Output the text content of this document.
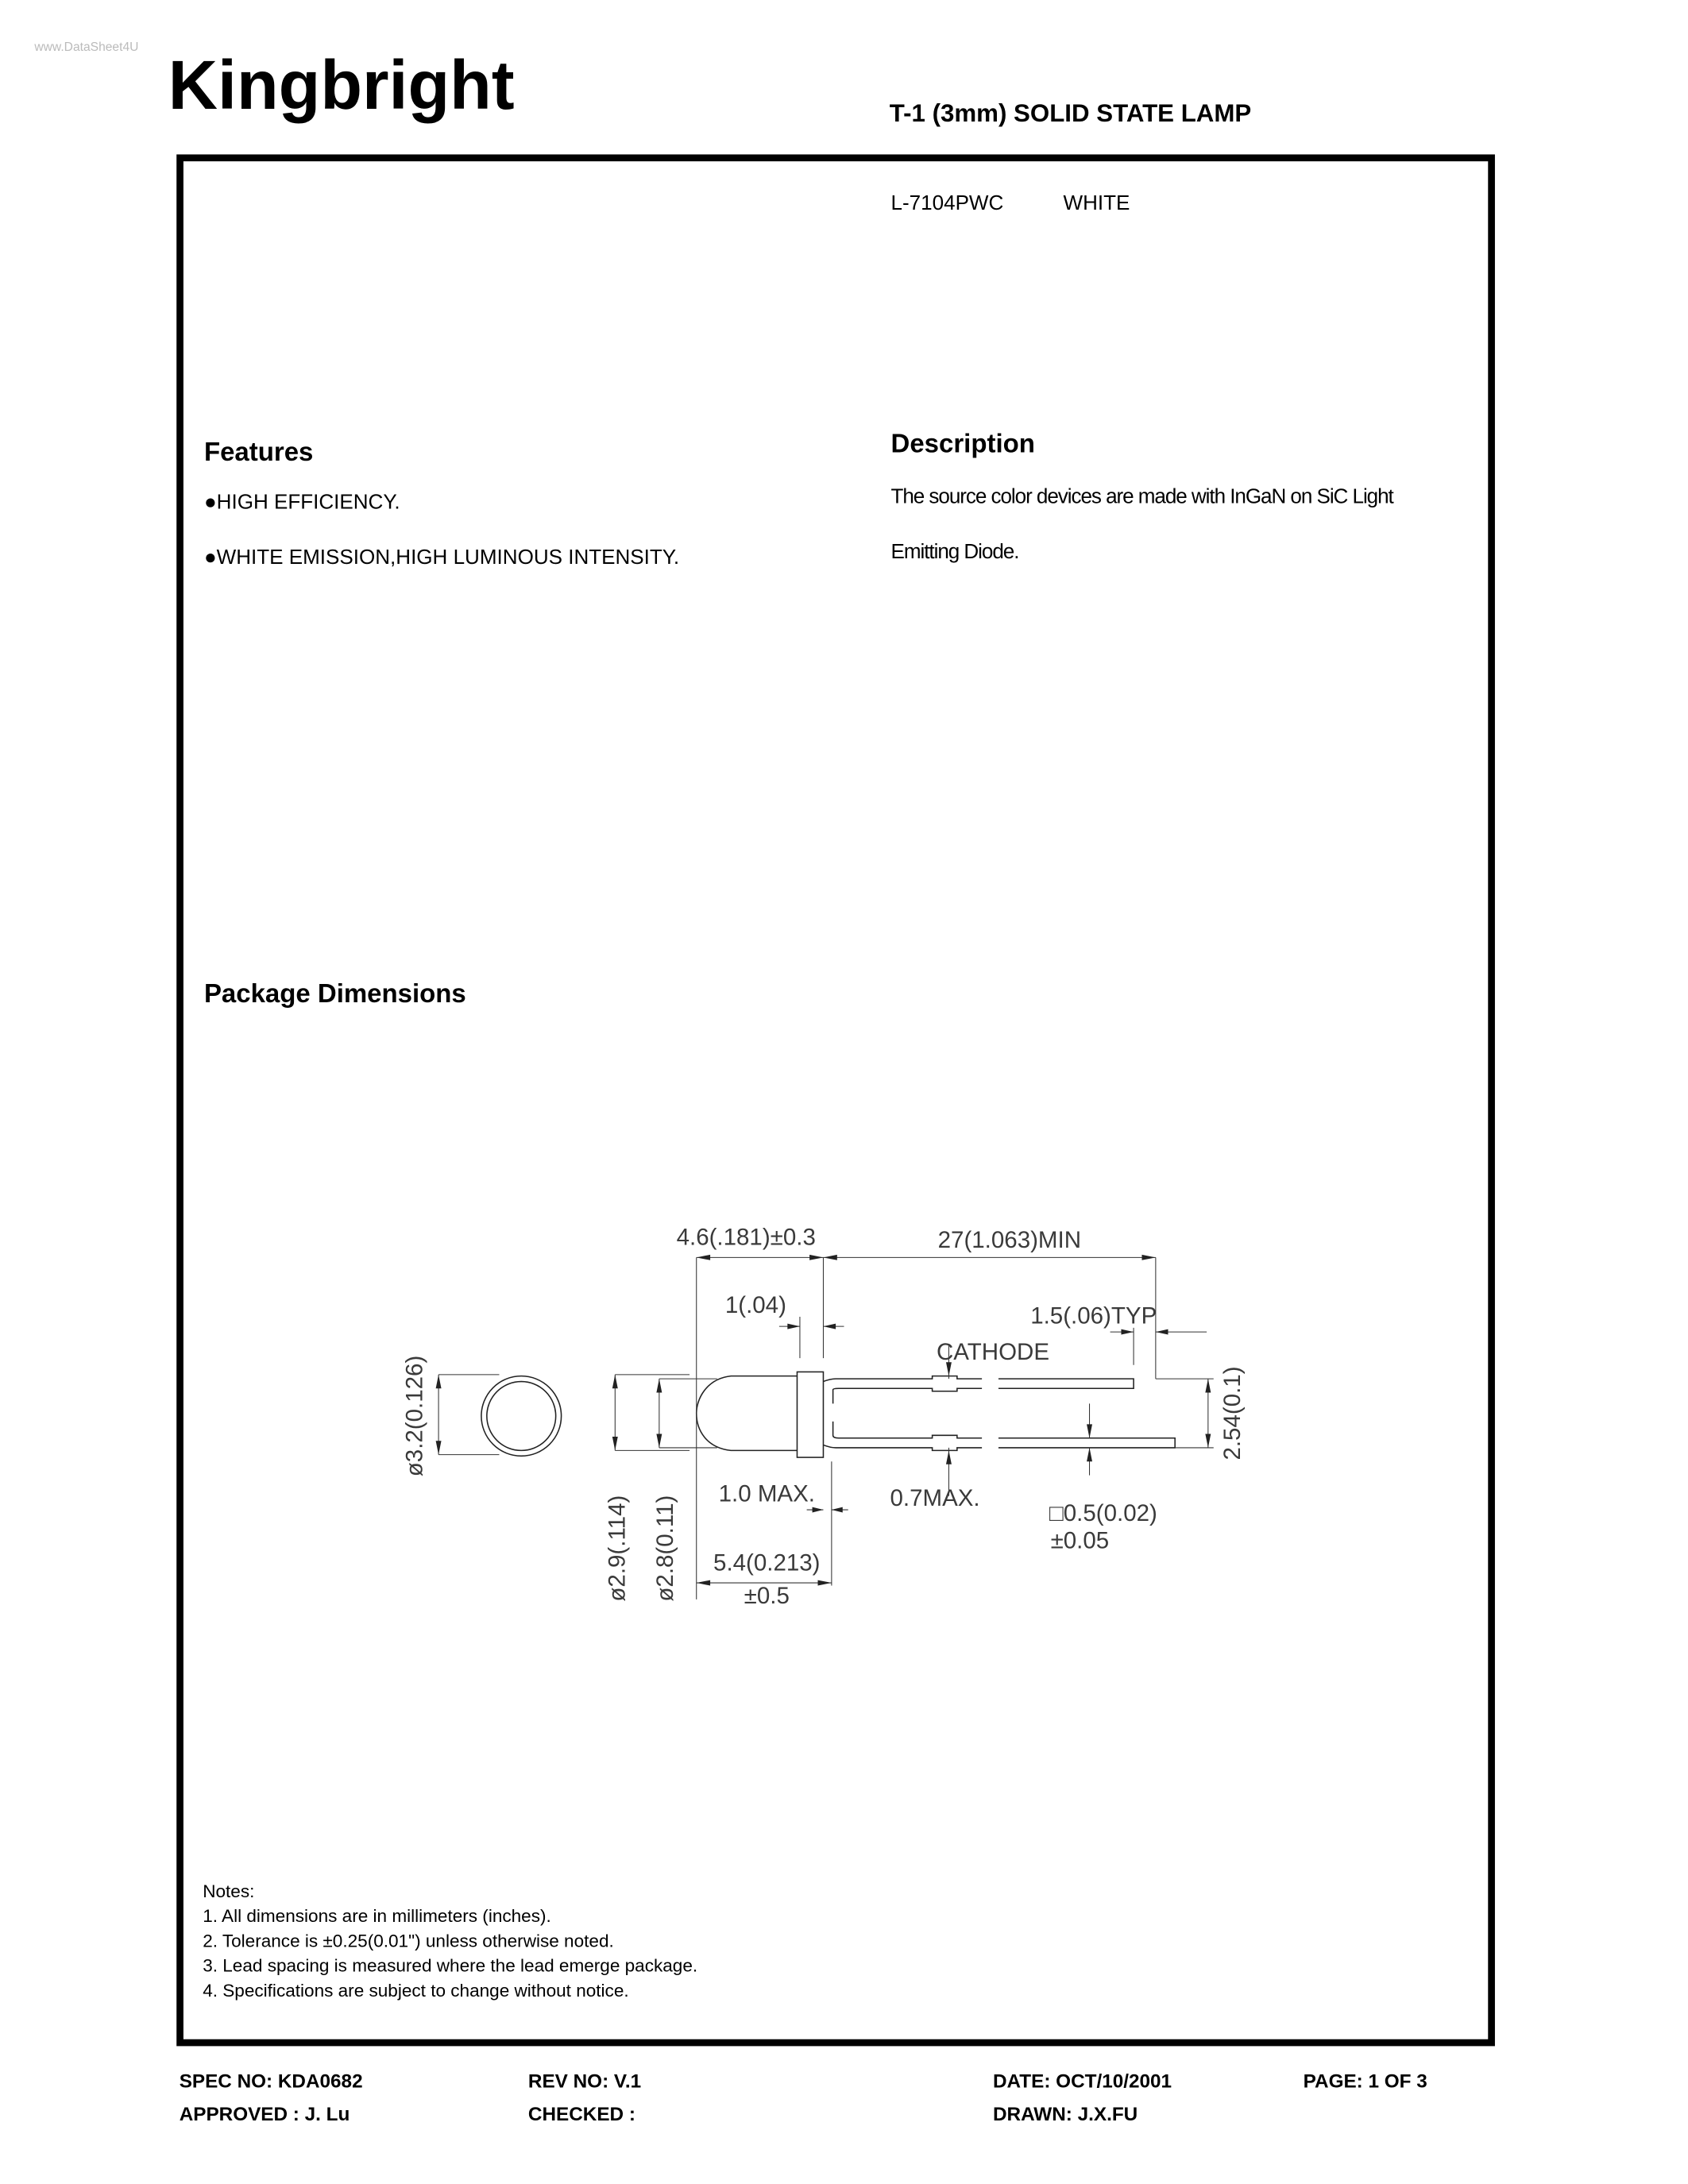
www.DataSheet4U Kingbright	T-1 (3mm) SOLID STATE LAMP
L-7104PWC	WHITE
Features
●HIGH EFFICIENCY.
●WHITE EMISSION,HIGH LUMINOUS INTENSITY.
Description
The source color devices are made with InGaN on SiC Light
Emitting Diode.
Package Dimensions
4.6(.181)±0.3	27(1.063)MIN
1(.04)	1.5(.06)TYP
CATHODE
ø3.2(0.126)	2.54(0.1)
1.0 MAX.	0.7MAX.
□0.5(0.02)
±0.05
5.4(0.213)
±0.5
ø2.9(.114) ø2.8(0.11)
Notes:
1. All dimensions are in millimeters (inches).
2. Tolerance is ±0.25(0.01") unless otherwise noted.
3. Lead spacing is measured where the lead emerge package.
4. Specifications are subject to change without notice.
SPEC NO: KDA0682	REV NO: V.1	DATE: OCT/10/2001	PAGE: 1 OF 3
APPROVED : J. Lu	CHECKED :	DRAWN: J.X.FU
